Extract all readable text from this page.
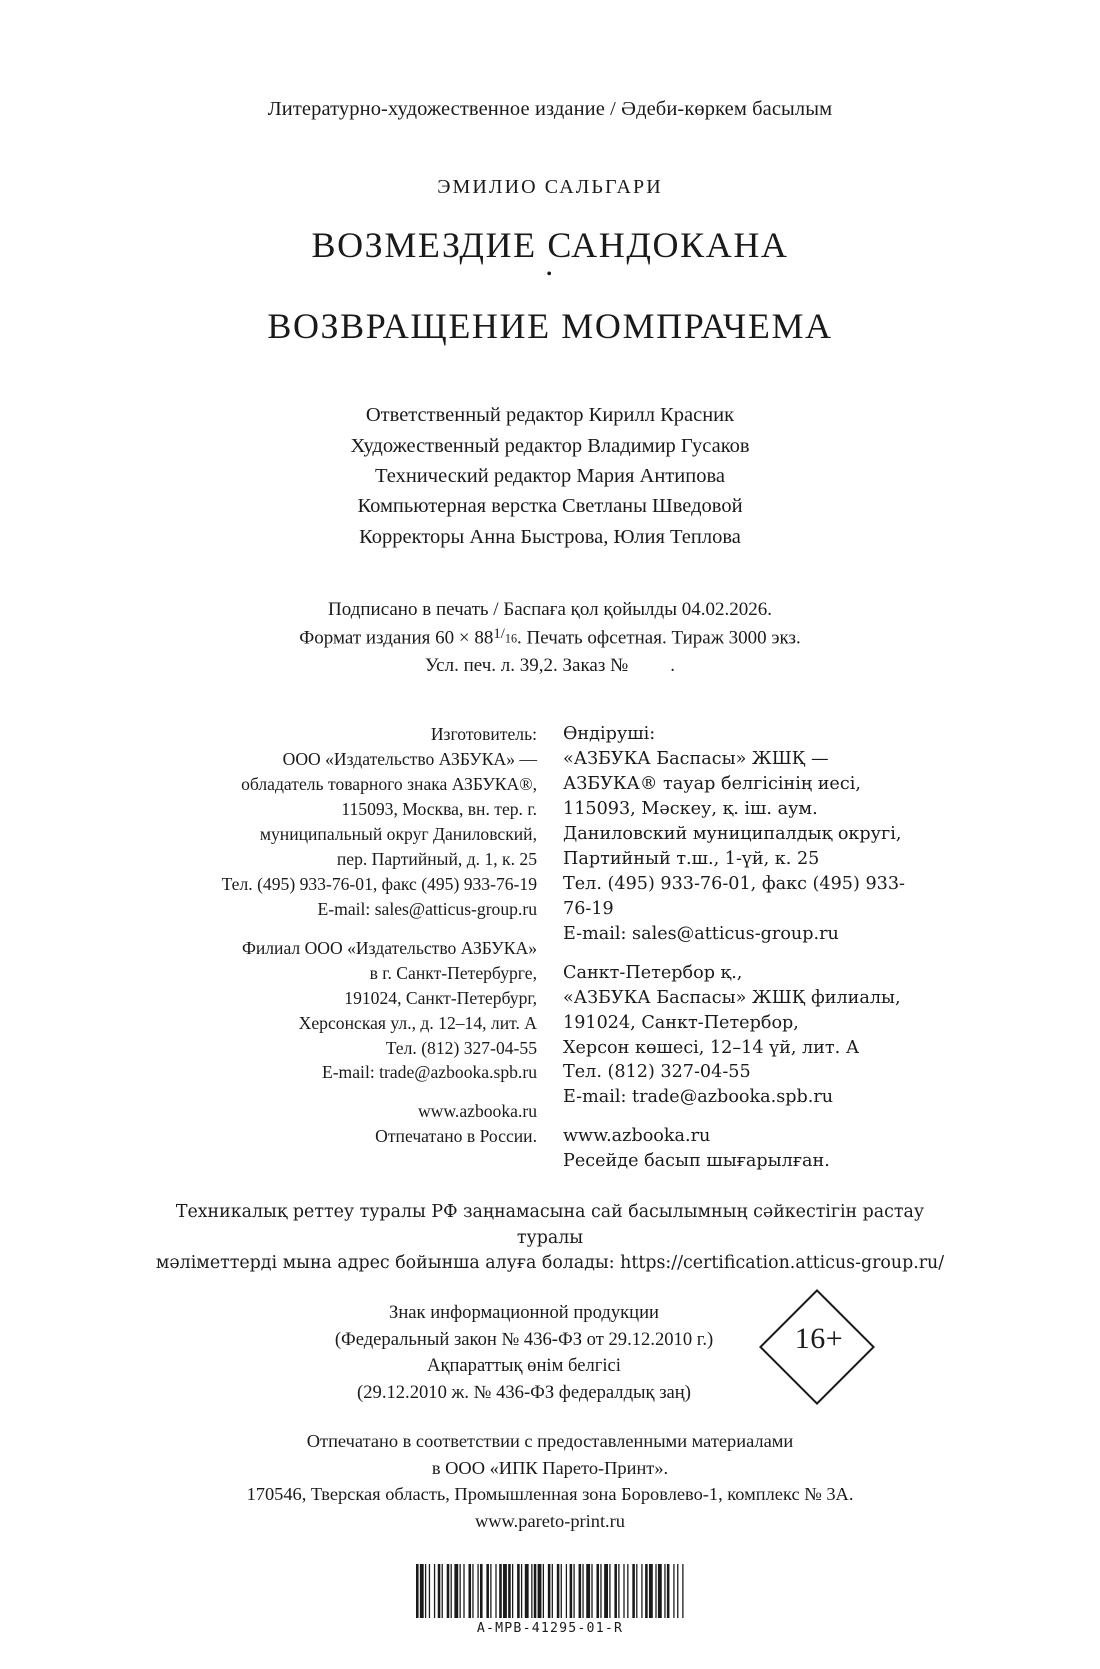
Литературно-художественное издание / Әдеби-көркем басылым
ЭМИЛИО САЛЬГАРИ
ВОЗМЕЗДИЕ САНДОКАНА
•
ВОЗВРАЩЕНИЕ МОМПРАЧЕМА
Ответственный редактор Кирилл Красник
Художественный редактор Владимир Гусаков
Технический редактор Мария Антипова
Компьютерная верстка Светланы Шведовой
Корректоры Анна Быстрова, Юлия Теплова
Подписано в печать / Баспаға қол қойылды 04.02.2026.
Формат издания $60 \times 88^{1/_{16}}$. Печать офсетная. Тираж 3000 экз.
Усл. печ. л. 39,2. Заказ № .
Изготовитель:
ООО «Издательство АЗБУКА» —
обладатель товарного знака АЗБУКА®,
115093, Москва, вн. тер. г.
муниципальный округ Даниловский,
пер. Партийный, д. 1, к. 25
Тел. (495) 933-76-01, факс (495) 933-76-19
E-mail: sales@atticus-group.ru
Филиал ООО «Издательство АЗБУКА»
в г. Санкт-Петербурге,
191024, Санкт-Петербург,
Херсонская ул., д. 12–14, лит. А
Тел. (812) 327-04-55
E-mail: trade@azbooka.spb.ru
www.azbooka.ru
Отпечатано в России.
Өндіруші:
«АЗБУКА Баспасы» ЖШҚ —
АЗБУКА® тауар белгісінің иесі,
115093, Мәскеу, қ. іш. аум.
Даниловский муниципалдық округі,
Партийный т.ш., 1-үй, к. 25
Тел. (495) 933-76-01, факс (495) 933-76-19
E-mail: sales@atticus-group.ru
Санкт-Петербор қ.,
«АЗБУКА Баспасы» ЖШҚ филиалы,
191024, Санкт-Петербор,
Херсон көшесі, 12–14 үй, лит. А
Тел. (812) 327-04-55
E-mail: trade@azbooka.spb.ru
www.azbooka.ru
Ресейде басып шығарылған.
Техникалық реттеу туралы РФ заңнамасына сай басылымның сәйкестігін растау туралы
мәліметтерді мына адрес бойынша алуға болады: https://certification.atticus-group.ru/
Знак информационной продукции
(Федеральный закон № 436-ФЗ от 29.12.2010 г.)
Ақпараттық өнім белгісі
(29.12.2010 ж. № 436-ФЗ федералдық заң)
16+
Отпечатано в соответствии с предоставленными материалами
в ООО «ИПК Парето-Принт».
170546, Тверская область, Промышленная зона Боровлево-1, комплекс № 3А.
www.pareto-print.ru
A-MPB-41295-01-R
